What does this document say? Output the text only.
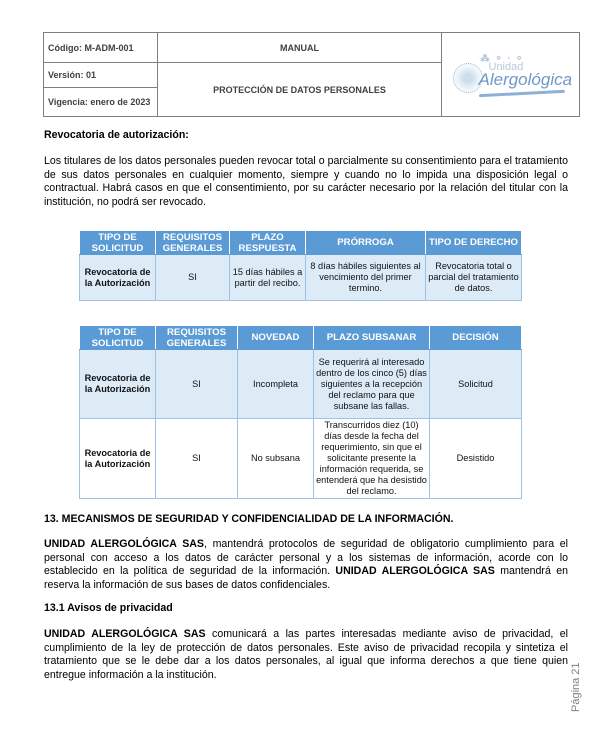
Código: M-ADM-001	MANUAL	⁂ ⸰ ⸱ ⸰
Unidad
Alergológica

Versión: 01	PROTECCIÓN DE DATOS PERSONALES	
Vigencia: enero de 2023		
Revocatoria de autorización:
Los titulares de los datos personales pueden revocar total o parcialmente su consentimiento para el tratamiento de sus datos personales en cualquier momento, siempre y cuando no lo impida una disposición legal o contractual. Habrá casos en que el consentimiento, por su carácter necesario por la relación del titular con la institución, no podrá ser revocado.
TIPO DE SOLICITUD	REQUISITOS GENERALES	PLAZO RESPUESTA	PRÓRROGA	TIPO DE DERECHO
Revocatoria de la Autorización	SI	15 días hábiles a partir del recibo.	8 días hábiles siguientes al vencimiento del primer termino.	Revocatoria total o parcial del tratamiento de datos.
TIPO DE SOLICITUD	REQUISITOS GENERALES	NOVEDAD	PLAZO SUBSANAR	DECISIÓN
Revocatoria de la Autorización	SI	Incompleta	Se requerirá al interesado dentro de los cinco (5) días siguientes a la recepción del reclamo para que subsane las fallas.	Solicitud
Revocatoria de la Autorización	SI	No subsana	Transcurridos diez (10) días desde la fecha del requerimiento, sin que el solicitante presente la información requerida, se entenderá que ha desistido del reclamo.	Desistido
13. MECANISMOS DE SEGURIDAD Y CONFIDENCIALIDAD DE LA INFORMACIÓN.
UNIDAD ALERGOLÓGICA SAS, mantendrá protocolos de seguridad de obligatorio cumplimiento para el personal con acceso a los datos de carácter personal y a los sistemas de información, acorde con lo establecido en la política de seguridad de la información. UNIDAD ALERGOLÓGICA SAS mantendrá en reserva la información de sus bases de datos confidenciales.
13.1 Avisos de privacidad
UNIDAD ALERGOLÓGICA SAS comunicará a las partes interesadas mediante aviso de privacidad, el cumplimiento de la ley de protección de datos personales. Este aviso de privacidad recopila y sintetiza el tratamiento que se le debe dar a los datos personales, al igual que informa derechos a que tiene quien entregue información a la institución.	Página 21
